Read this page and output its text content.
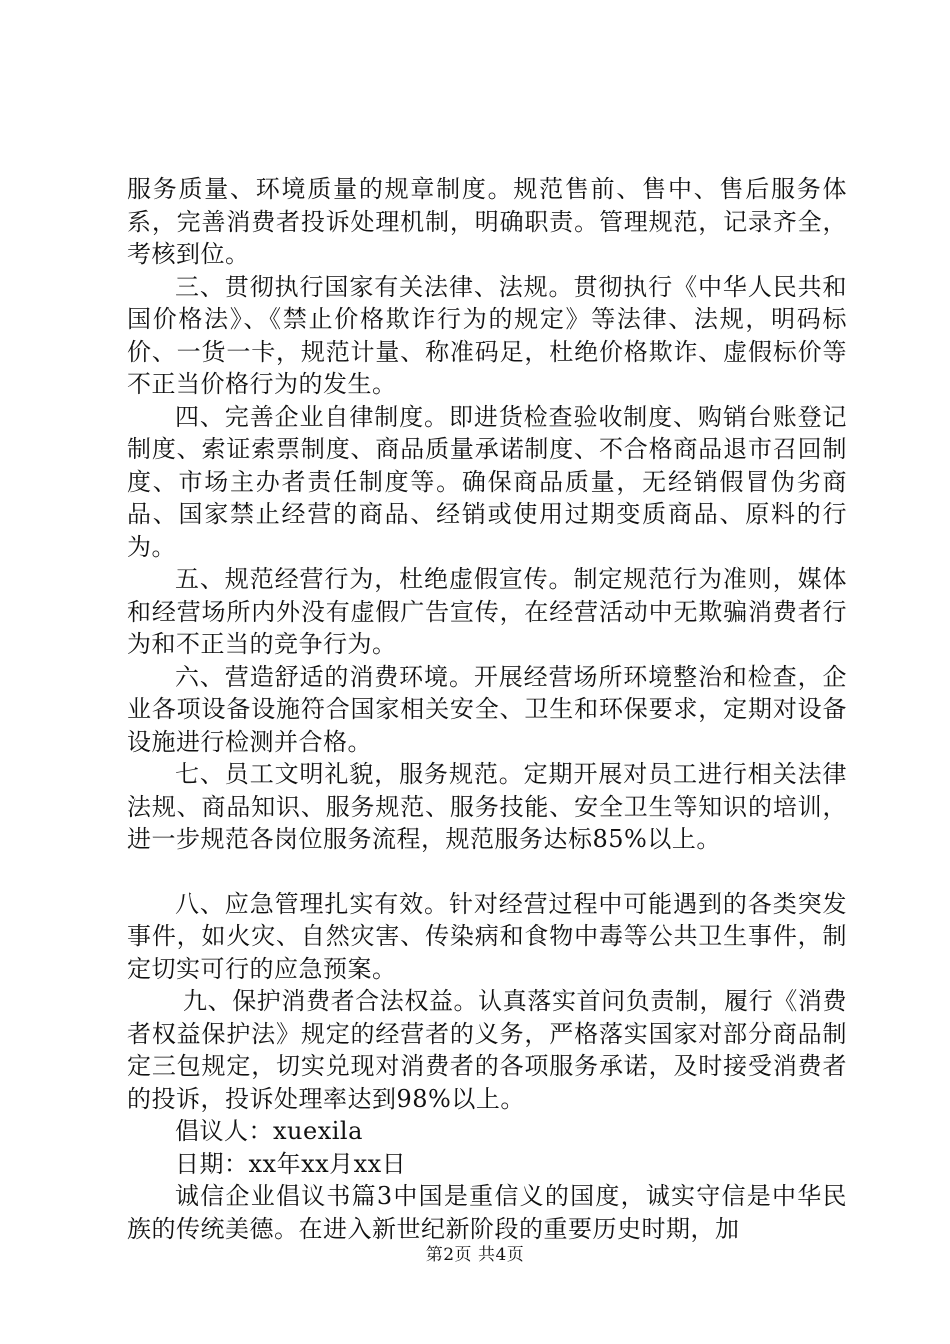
服务质量、环境质量的规章制度。规范售前、售中、售后服务体系，完善消费者投诉处理机制，明确职责。管理规范，记录齐全，考核到位。

三、贯彻执行国家有关法律、法规。贯彻执行《中华人民共和国价格法》、《禁止价格欺诈行为的规定》等法律、法规，明码标价、一货一卡，规范计量、称准码足，杜绝价格欺诈、虚假标价等不正当价格行为的发生。

四、完善企业自律制度。即进货检查验收制度、购销台账登记制度、索证索票制度、商品质量承诺制度、不合格商品退市召回制度、市场主办者责任制度等。确保商品质量，无经销假冒伪劣商品、国家禁止经营的商品、经销或使用过期变质商品、原料的行为。

五、规范经营行为，杜绝虚假宣传。制定规范行为准则，媒体和经营场所内外没有虚假广告宣传，在经营活动中无欺骗消费者行为和不正当的竞争行为。

六、营造舒适的消费环境。开展经营场所环境整治和检查，企业各项设备设施符合国家相关安全、卫生和环保要求，定期对设备设施进行检测并合格。

七、员工文明礼貌，服务规范。定期开展对员工进行相关法律法规、商品知识、服务规范、服务技能、安全卫生等知识的培训，进一步规范各岗位服务流程，规范服务达标85%以上。

八、应急管理扎实有效。针对经营过程中可能遇到的各类突发事件，如火灾、自然灾害、传染病和食物中毒等公共卫生事件，制定切实可行的应急预案。

九、保护消费者合法权益。认真落实首问负责制，履行《消费者权益保护法》规定的经营者的义务，严格落实国家对部分商品制定三包规定，切实兑现对消费者的各项服务承诺，及时接受消费者的投诉，投诉处理率达到98%以上。

倡议人：xuexila

日期：xx年xx月xx日

诚信企业倡议书篇3中国是重信义的国度，诚实守信是中华民族的传统美德。在进入新世纪新阶段的重要历史时期，加

第2页 共4页
